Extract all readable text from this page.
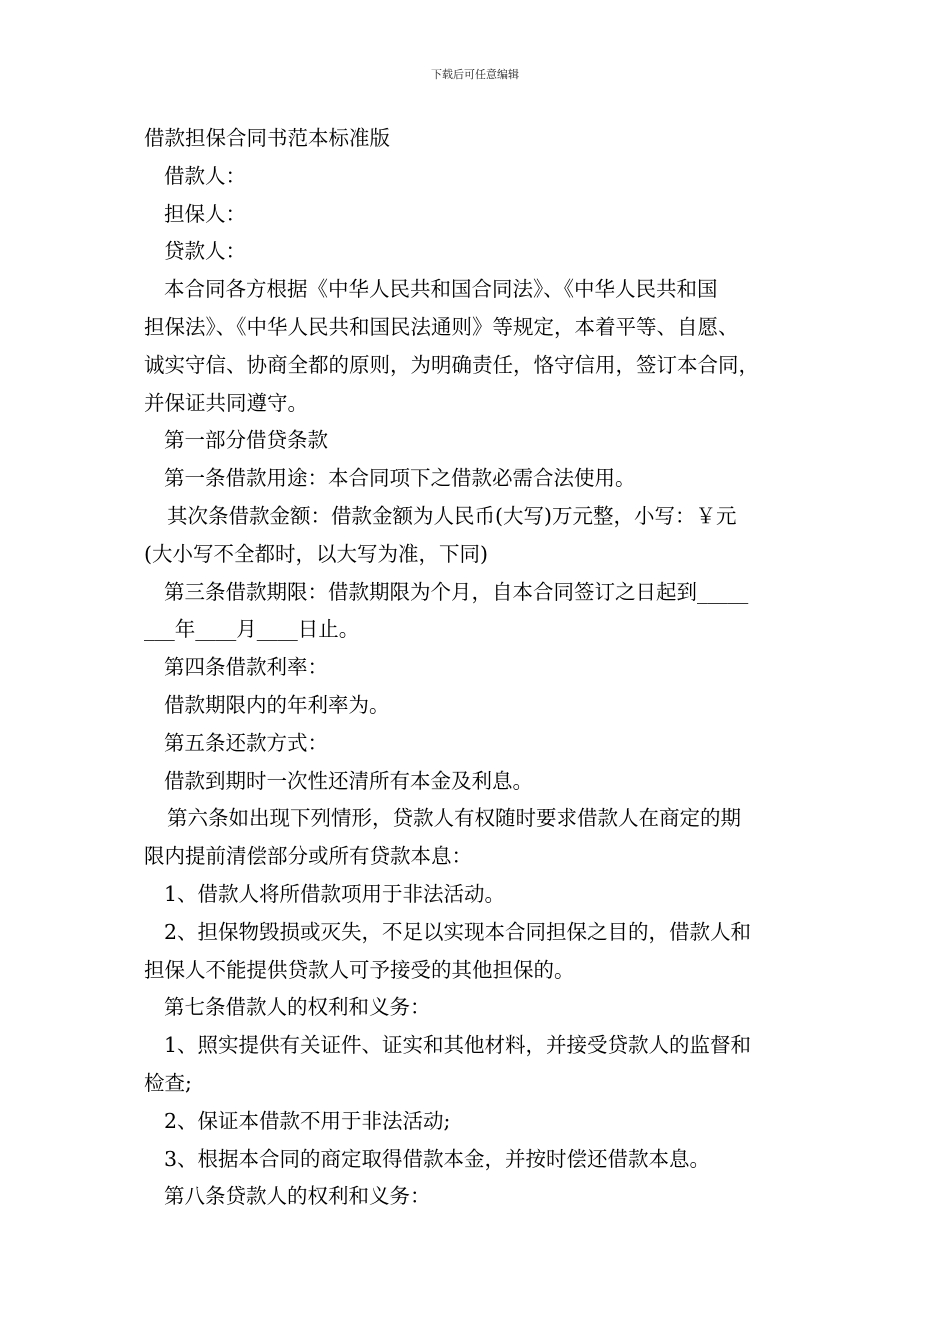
下载后可任意编辑
借款担保合同书范本标准版
借款人：
担保人：
贷款人：
本合同各方根据《中华人民共和国合同法》、《中华人民共和国
担保法》、《中华人民共和国民法通则》等规定，本着平等、自愿、
诚实守信、协商全都的原则，为明确责任，恪守信用，签订本合同，
并保证共同遵守。
第一部分借贷条款
第一条借款用途：本合同项下之借款必需合法使用。
其次条借款金额：借款金额为人民币(大写)万元整，小写：￥元
(大小写不全都时，以大写为准，下同)
第三条借款期限：借款期限为个月，自本合同签订之日起到_____
___年____月____日止。
第四条借款利率：
借款期限内的年利率为。
第五条还款方式：
借款到期时一次性还清所有本金及利息。
第六条如出现下列情形，贷款人有权随时要求借款人在商定的期
限内提前清偿部分或所有贷款本息：
1、借款人将所借款项用于非法活动。
2、担保物毁损或灭失，不足以实现本合同担保之目的，借款人和
担保人不能提供贷款人可予接受的其他担保的。
第七条借款人的权利和义务：
1、照实提供有关证件、证实和其他材料，并接受贷款人的监督和
检查;
2、保证本借款不用于非法活动;
3、根据本合同的商定取得借款本金，并按时偿还借款本息。
第八条贷款人的权利和义务：
